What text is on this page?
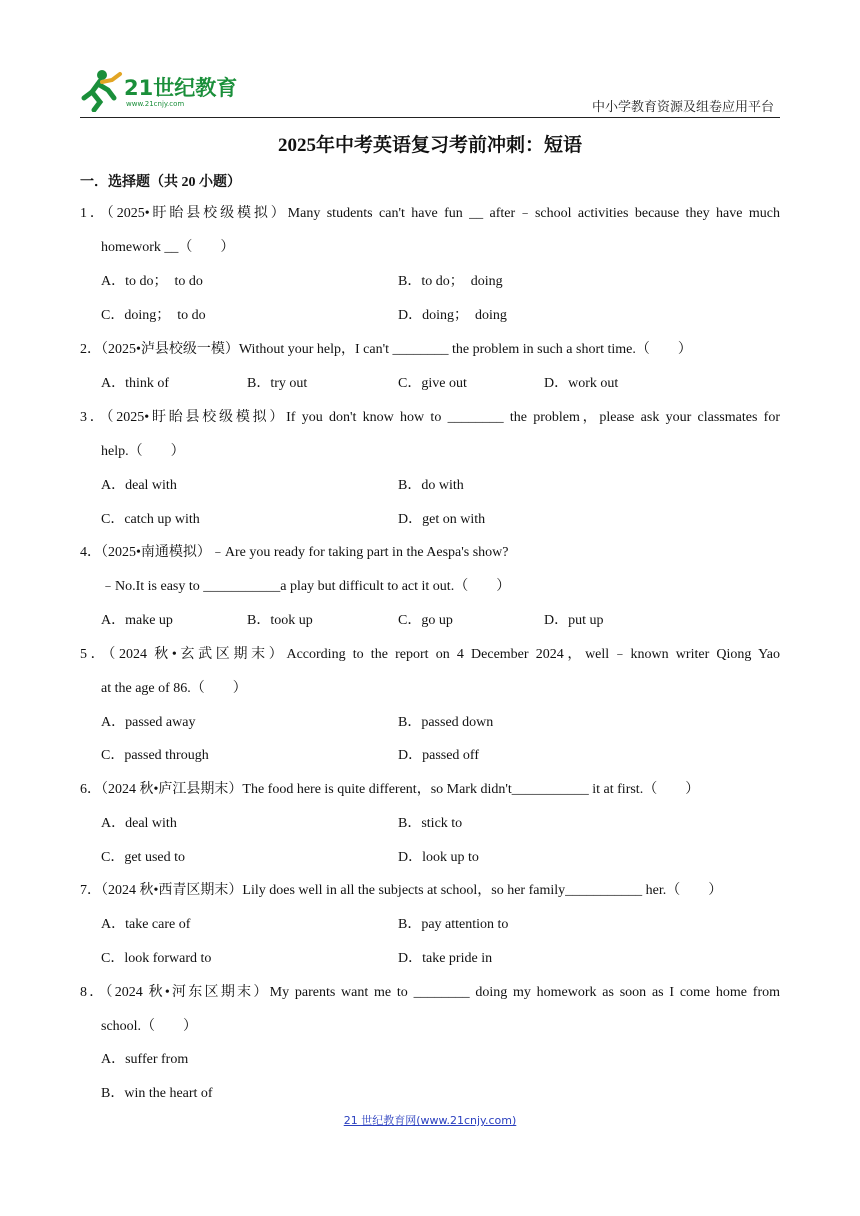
21世纪教育
www.21cnjy.com	中小学教育资源及组卷应用平台
2025年中考英语复习考前冲刺：短语
一．选择题（共 20 小题）
1．（2025•盱眙县校级模拟）Many students can't have fun __ after﹣school activities because they have much
homework __（　　）
A．to do；　to do	B．to do；　doing
C．doing；　to do	D．doing；　doing
2．（2025•泸县校级一模）Without your help，I can't ________ the problem in such a short time.（　　）
A．think of	B．try out	C．give out	D．work out
3．（2025•盱眙县校级模拟）If you don't know how to ________ the problem，please ask your classmates for
help.（　　）
A．deal with	B．do with
C．catch up with	D．get on with
4．（2025•南通模拟）﹣Are you ready for taking part in the Aespa's show?
﹣No.It is easy to ___________a play but difficult to act it out.（　　）
A．make up	B．took up	C．go up	D．put up
5．（2024 秋•玄武区期末）According to the report on 4 December 2024，well﹣known writer Qiong Yao
at the age of 86.（　　）
A．passed away	B．passed down
C．passed through	D．passed off
6．（2024 秋•庐江县期末）The food here is quite different，so Mark didn't___________ it at first.（　　）
A．deal with	B．stick to
C．get used to	D．look up to
7．（2024 秋•西青区期末）Lily does well in all the subjects at school，so her family___________ her.（　　）
A．take care of	B．pay attention to
C．look forward to	D．take pride in
8．（2024 秋•河东区期末）My parents want me to ________ doing my homework as soon as I come home from
school.（　　）
A．suffer from
B．win the heart of
21 世纪教育网(www.21cnjy.com)
